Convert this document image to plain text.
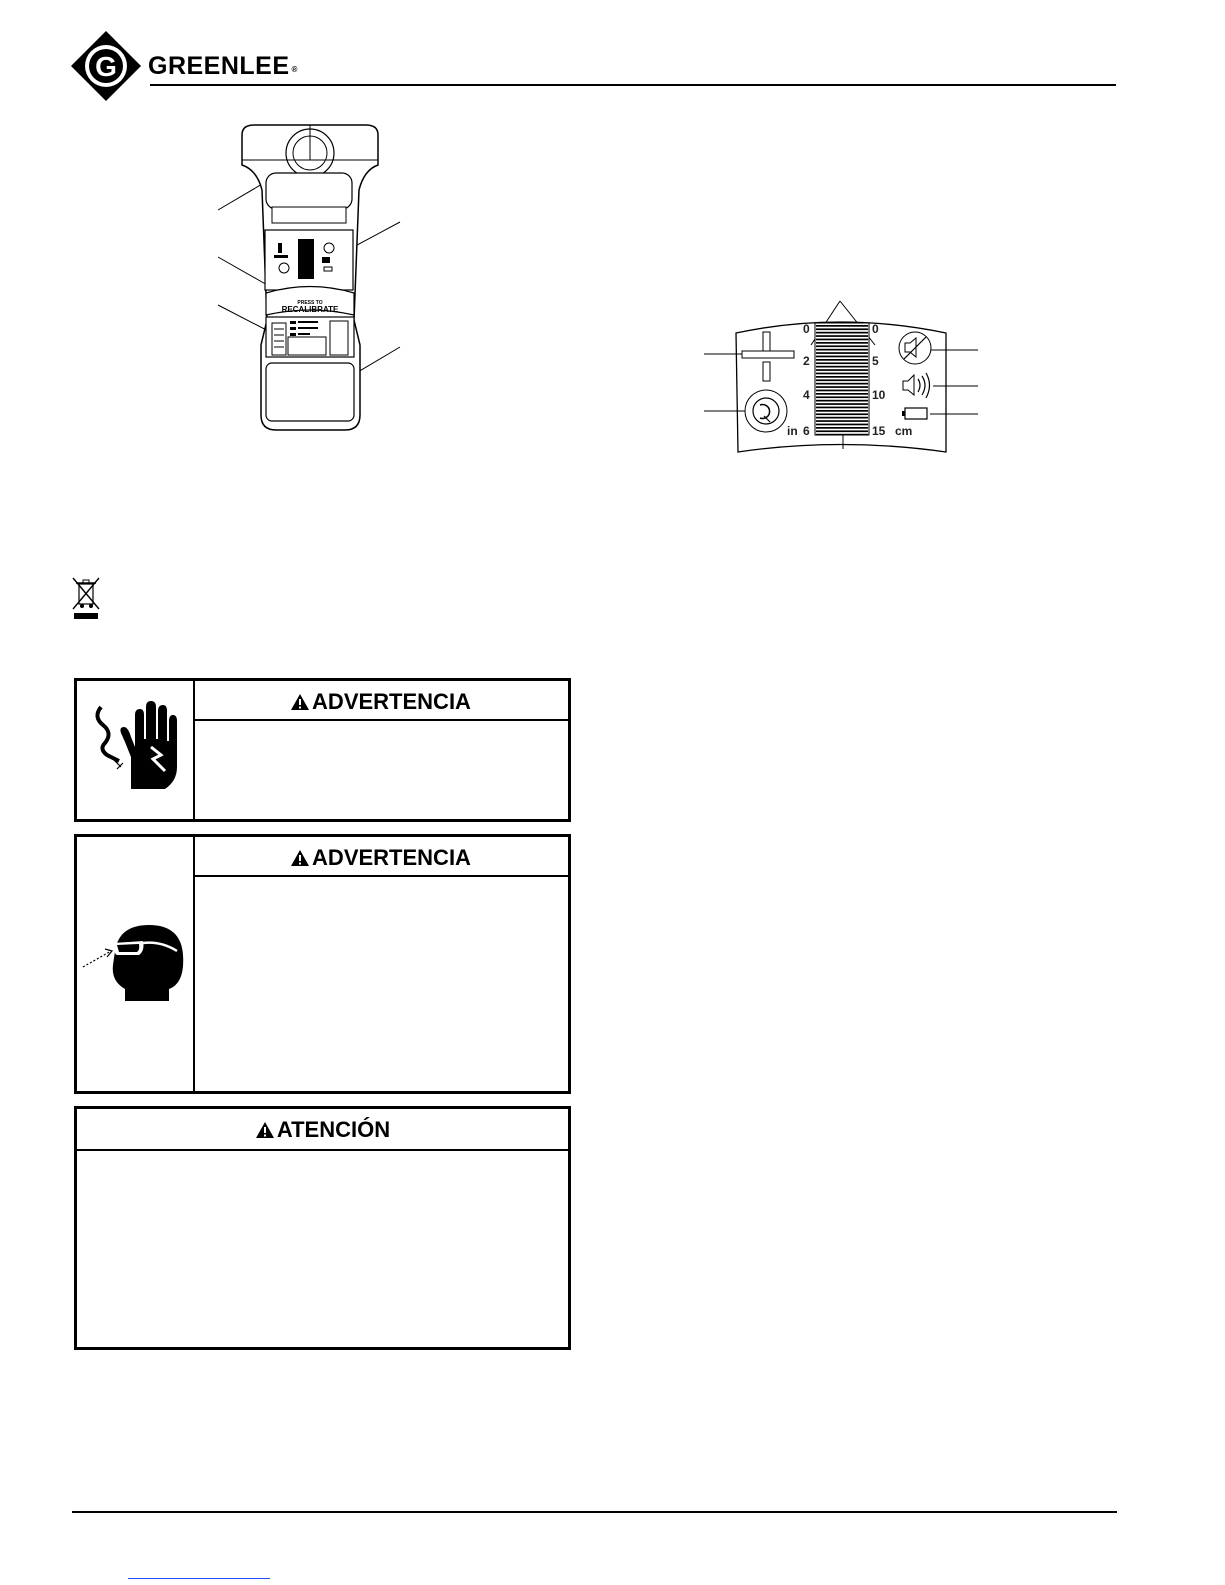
G GREENLEE ®
PRESS TO
RECALIBRATE
0
2
4
6
in
0
5
10
15 cm
ADVERTENCIA
ADVERTENCIA
ATENCIÓN
